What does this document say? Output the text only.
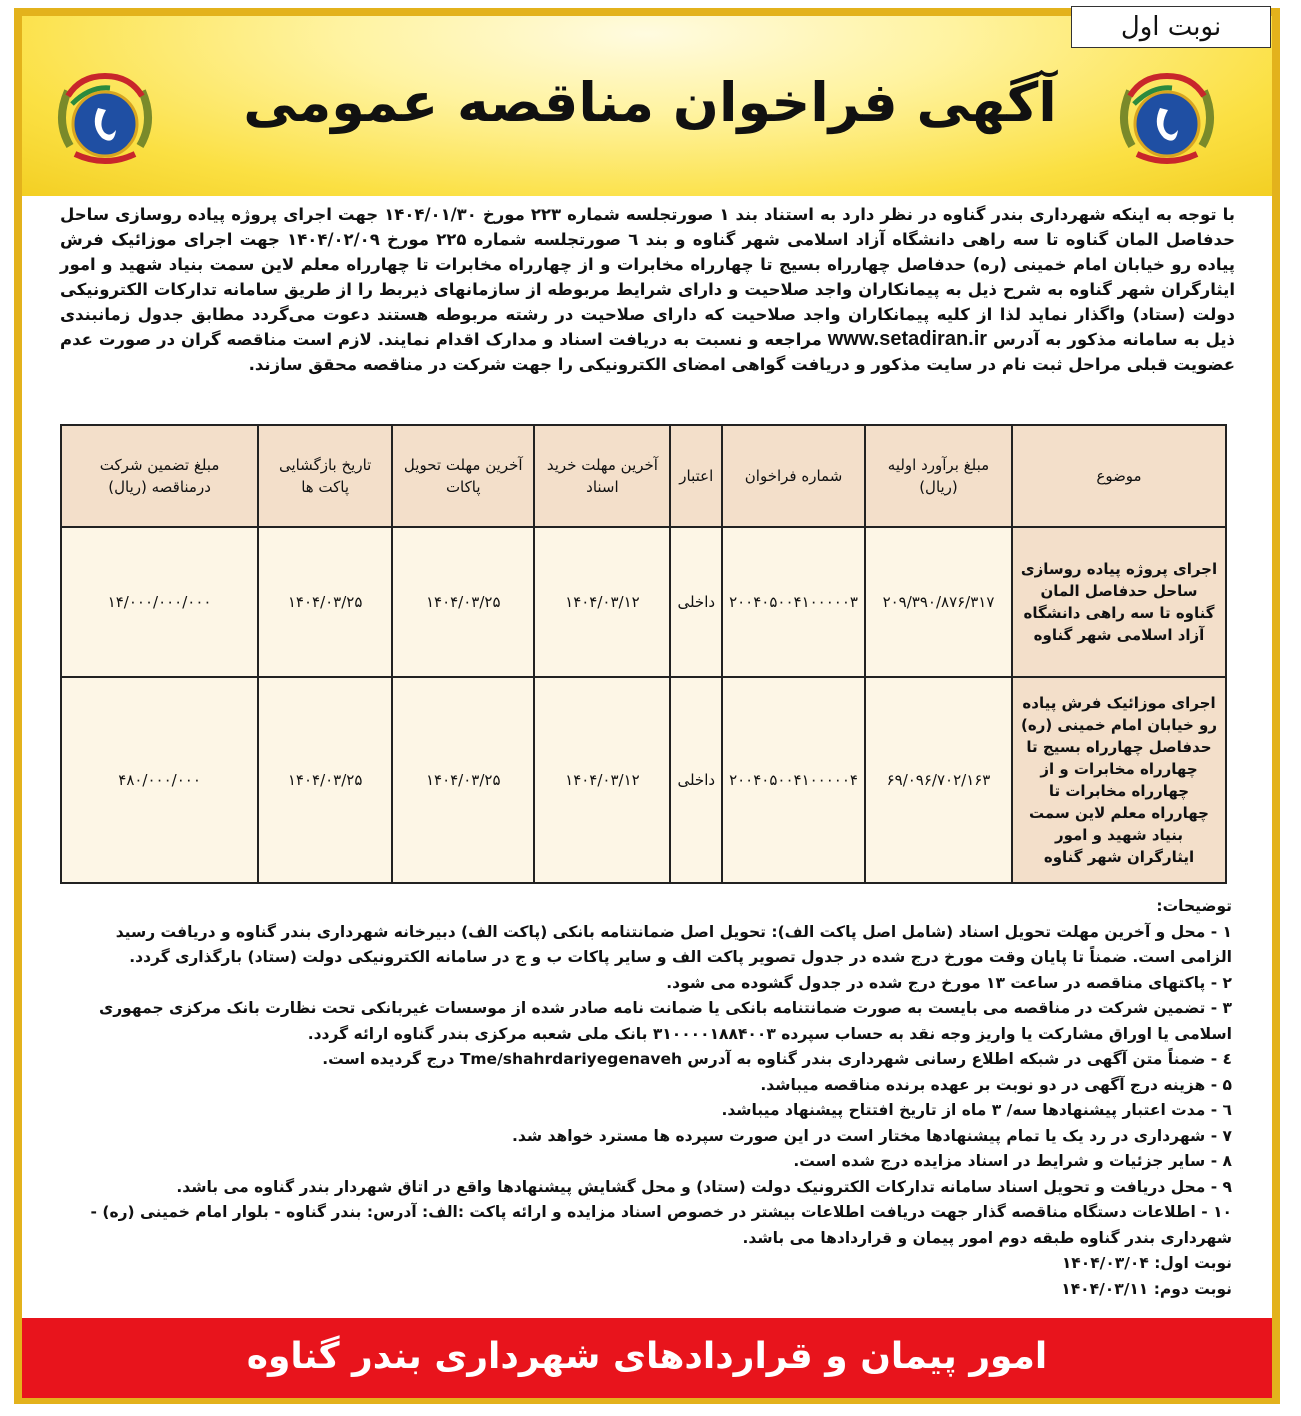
نوبت اول
آگهی فراخوان مناقصه عمومی
با توجه به اینکه شهرداری بندر گناوه در نظر دارد به استناد بند ۱ صورتجلسه شماره ۲۲۳ مورخ ۱۴۰۴/۰۱/۳۰ جهت اجرای پروژه پیاده روسازی ساحل حدفاصل المان گناوه تا سه راهی دانشگاه آزاد اسلامی شهر گناوه و بند ٦ صورتجلسه شماره ۲۲۵ مورخ ۱۴۰۴/۰۲/۰۹ جهت اجرای موزائیک فرش پیاده رو خیابان امام خمینی (ره) حدفاصل چهارراه بسیج تا چهارراه مخابرات و از چهارراه مخابرات تا چهارراه معلم لاین سمت بنیاد شهید و امور ایثارگران شهر گناوه به شرح ذیل به پیمانکاران واجد صلاحیت و دارای شرایط مربوطه از سازمانهای ذیربط را از طریق سامانه تدارکات الکترونیکی دولت (ستاد) واگذار نماید لذا از کلیه پیمانکاران واجد صلاحیت که دارای صلاحیت در رشته مربوطه هستند دعوت می‌گردد مطابق جدول زمانبندی ذیل به سامانه مذکور به آدرس www.setadiran.ir مراجعه و نسبت به دریافت اسناد و مدارک اقدام نمایند. لازم است مناقصه گران در صورت عدم عضویت قبلی مراحل ثبت نام در سایت مذکور و دریافت گواهی امضای الکترونیکی را جهت شرکت در مناقصه محقق سازند.
موضوع	مبلغ برآورد اولیه (ریال)	شماره فراخوان	اعتبار	آخرین مهلت خرید اسناد	آخرین مهلت تحویل پاکات	تاریخ بازگشایی پاکت ها	مبلغ تضمین شرکت درمناقصه (ریال)
اجرای پروژه پیاده روسازی ساحل حدفاصل المان گناوه تا سه راهی دانشگاه آزاد اسلامی شهر گناوه	۲۰۹/۳۹۰/۸۷۶/۳۱۷	۲۰۰۴۰۵۰۰۴۱۰۰۰۰۰۳	داخلی	۱۴۰۴/۰۳/۱۲	۱۴۰۴/۰۳/۲۵	۱۴۰۴/۰۳/۲۵	۱۴/۰۰۰/۰۰۰/۰۰۰
اجرای موزائیک فرش پیاده رو خیابان امام خمینی (ره) حدفاصل چهارراه بسیج تا چهارراه مخابرات و از چهارراه مخابرات تا چهارراه معلم لاین سمت بنیاد شهید و امور ایثارگران شهر گناوه	۶۹/۰۹۶/۷۰۲/۱۶۳	۲۰۰۴۰۵۰۰۴۱۰۰۰۰۰۴	داخلی	۱۴۰۴/۰۳/۱۲	۱۴۰۴/۰۳/۲۵	۱۴۰۴/۰۳/۲۵	۴۸۰/۰۰۰/۰۰۰
توضیحات:
۱ - محل و آخرین مهلت تحویل اسناد (شامل اصل پاکت الف): تحویل اصل ضمانتنامه بانکی (پاکت الف) دبیرخانه شهرداری بندر گناوه و دریافت رسید الزامی است. ضمناً تا پایان وقت مورخ درج شده در جدول تصویر پاکت الف و سایر پاکات ب و ج در سامانه الکترونیکی دولت (ستاد) بارگذاری گردد.
۲ - پاکتهای مناقصه در ساعت ۱۳ مورخ درج شده در جدول گشوده می شود.
۳ - تضمین شرکت در مناقصه می بایست به صورت ضمانتنامه بانکی یا ضمانت نامه صادر شده از موسسات غیربانکی تحت نظارت بانک مرکزی جمهوری اسلامی یا اوراق مشارکت یا واریز وجه نقد به حساب سپرده ۳۱۰۰۰۰۱۸۸۴۰۰۳ بانک ملی شعبه مرکزی بندر گناوه ارائه گردد.
٤ - ضمناً متن آگهی در شبکه اطلاع رسانی شهرداری بندر گناوه به آدرس Tme/shahrdariyegenaveh درج گردیده است.
۵ - هزینه درج آگهی در دو نوبت بر عهده برنده مناقصه میباشد.
٦ - مدت اعتبار پیشنهادها سه/ ۳ ماه از تاریخ افتتاح پیشنهاد میباشد.
۷ - شهرداری در رد یک یا تمام پیشنهادها مختار است در این صورت سپرده ها مسترد خواهد شد.
۸ - سایر جزئیات و شرایط در اسناد مزایده درج شده است.
۹ - محل دریافت و تحویل اسناد سامانه تدارکات الکترونیک دولت (ستاد) و محل گشایش پیشنهادها واقع در اتاق شهردار بندر گناوه می باشد.
۱۰ - اطلاعات دستگاه مناقصه گذار جهت دریافت اطلاعات بیشتر در خصوص اسناد مزایده و ارائه پاکت :الف: آدرس: بندر گناوه - بلوار امام خمینی (ره) - شهرداری بندر گناوه طبقه دوم امور پیمان و قراردادها می باشد.
نوبت اول: ۱۴۰۴/۰۳/۰۴
نوبت دوم: ۱۴۰۴/۰۳/۱۱
امور پیمان و قراردادهای شهرداری بندر گناوه
